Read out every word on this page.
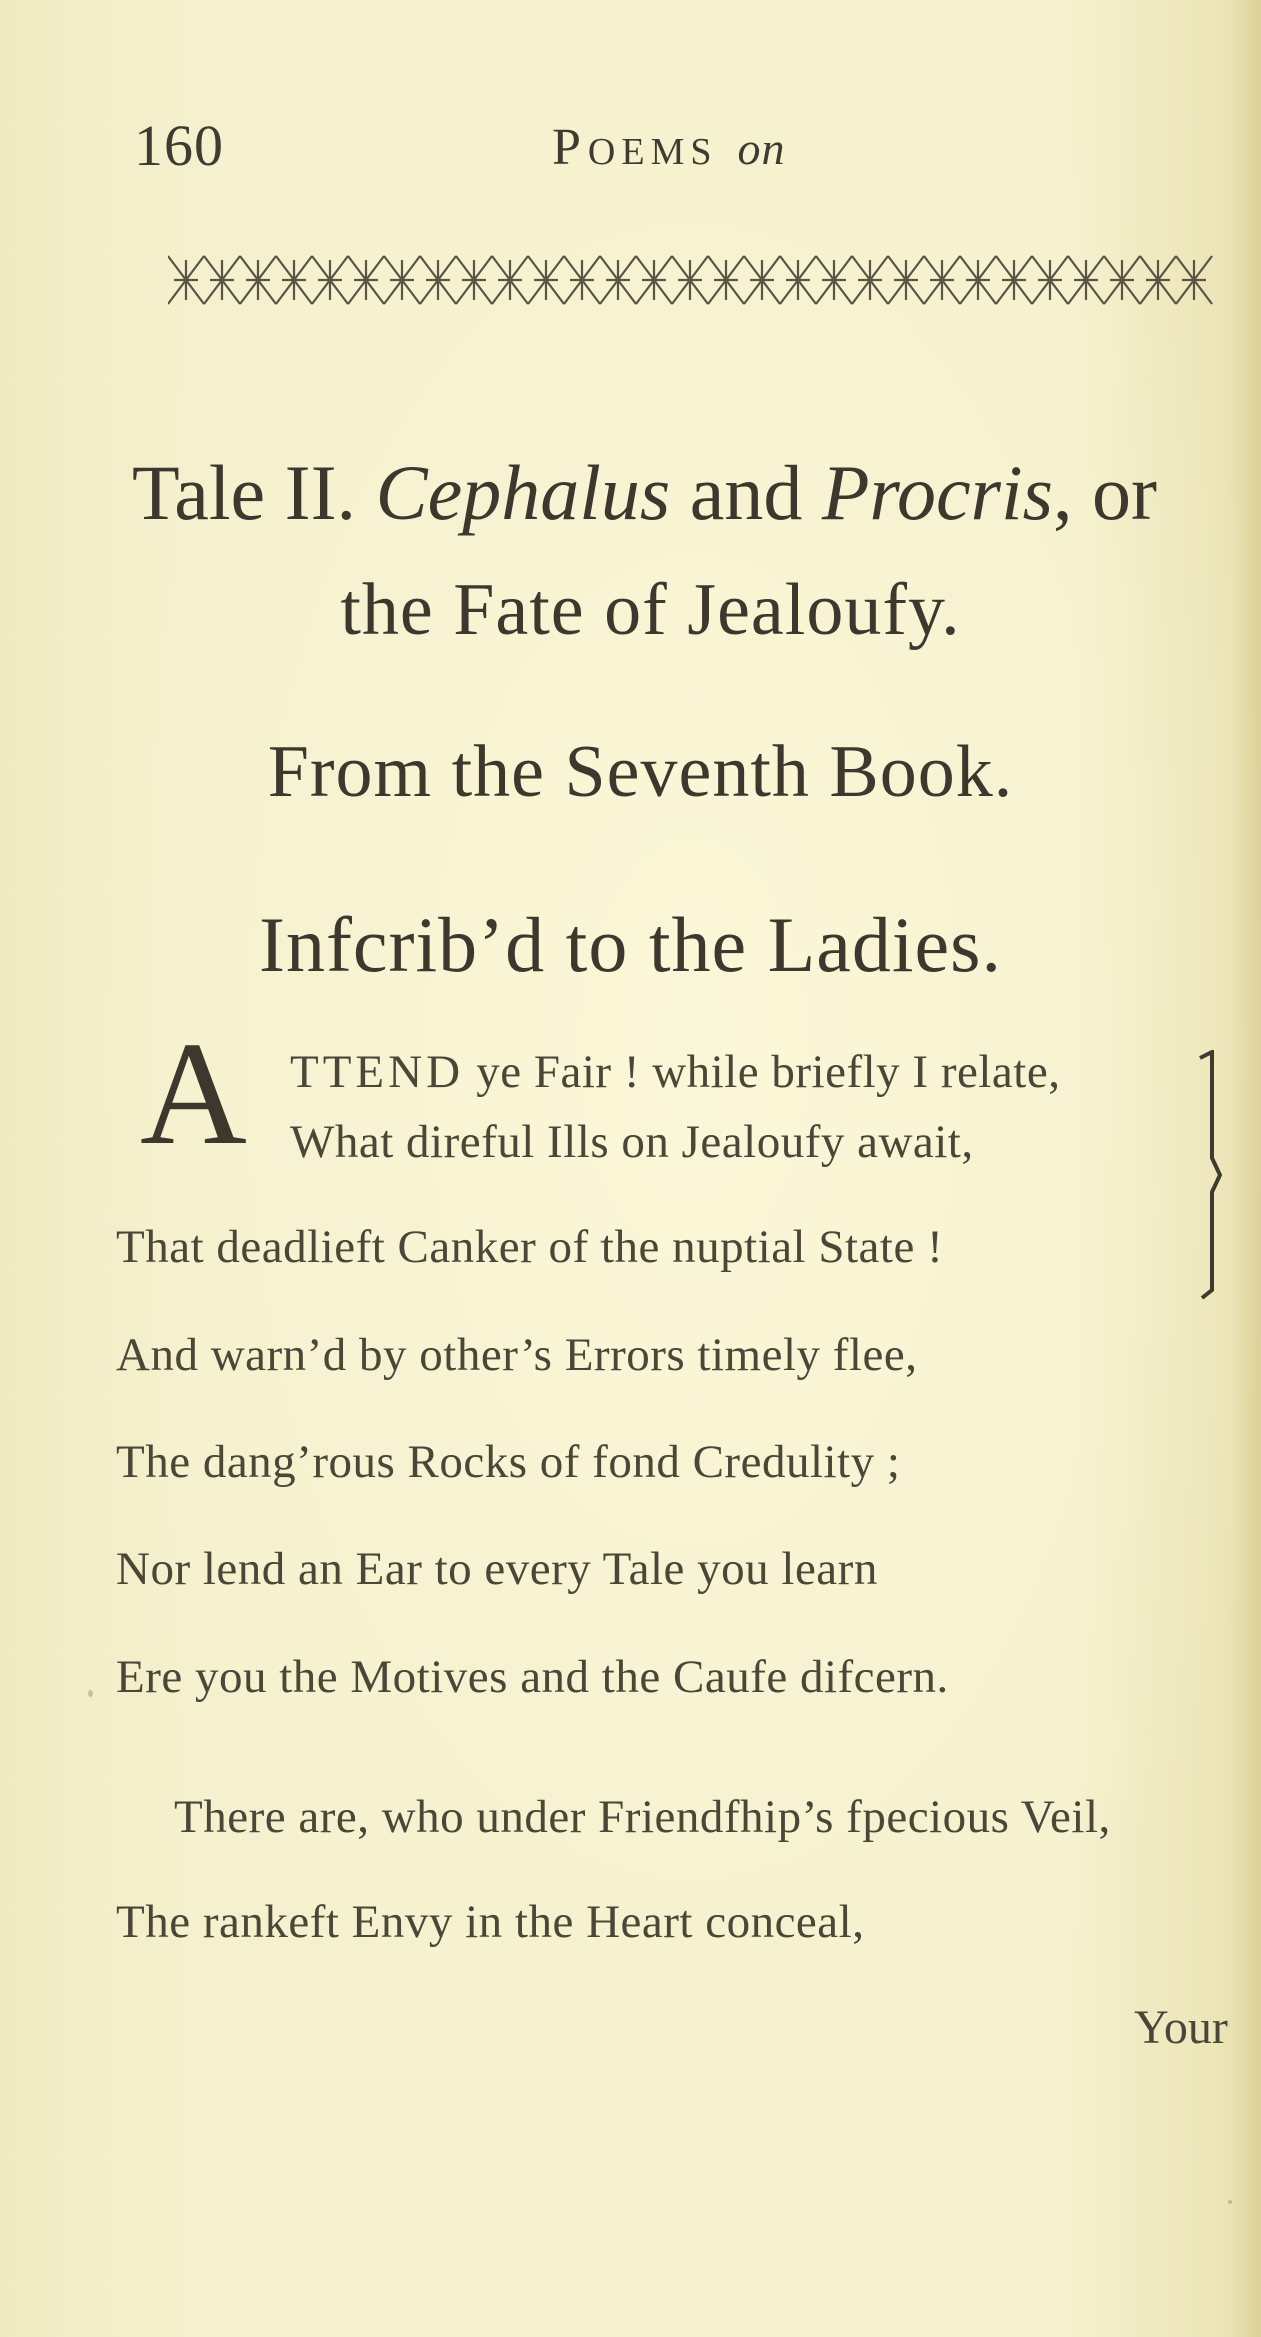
160	POEMS on
Tale II. Cephalus and Procris, or
the Fate of Jealoufy.
From the Seventh Book.
Infcrib’d to the Ladies.
A TTEND ye Fair ! while briefly I relate,
What direful Ills on Jealoufy await,
That deadlieft Canker of the nuptial State !
And warn’d by other’s Errors timely flee,
The dang’rous Rocks of fond Credulity ;
Nor lend an Ear to every Tale you learn
Ere you the Motives and the Caufe difcern.
There are, who under Friendfhip’s fpecious Veil,
The rankeft Envy in the Heart conceal,
Your
